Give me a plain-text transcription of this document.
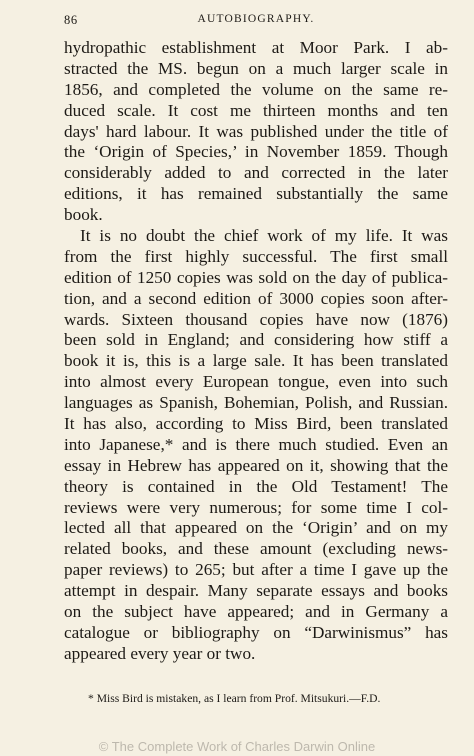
86	AUTOBIOGRAPHY.
hydropathic establishment at Moor Park. I ab-
stracted the MS. begun on a much larger scale in
1856, and completed the volume on the same re-
duced scale. It cost me thirteen months and ten
days' hard labour. It was published under the title of
the ‘Origin of Species,’ in November 1859. Though
considerably added to and corrected in the later
editions, it has remained substantially the same
book.
It is no doubt the chief work of my life. It was
from the first highly successful. The first small
edition of 1250 copies was sold on the day of publica-
tion, and a second edition of 3000 copies soon after-
wards. Sixteen thousand copies have now (1876)
been sold in England; and considering how stiff a
book it is, this is a large sale. It has been translated
into almost every European tongue, even into such
languages as Spanish, Bohemian, Polish, and Russian.
It has also, according to Miss Bird, been translated
into Japanese,* and is there much studied. Even an
essay in Hebrew has appeared on it, showing that the
theory is contained in the Old Testament! The
reviews were very numerous; for some time I col-
lected all that appeared on the ‘Origin’ and on my
related books, and these amount (excluding news-
paper reviews) to 265; but after a time I gave up the
attempt in despair. Many separate essays and books
on the subject have appeared; and in Germany a
catalogue or bibliography on “Darwinismus” has
appeared every year or two.
* Miss Bird is mistaken, as I learn from Prof. Mitsukuri.—F.D.
© The Complete Work of Charles Darwin Online
